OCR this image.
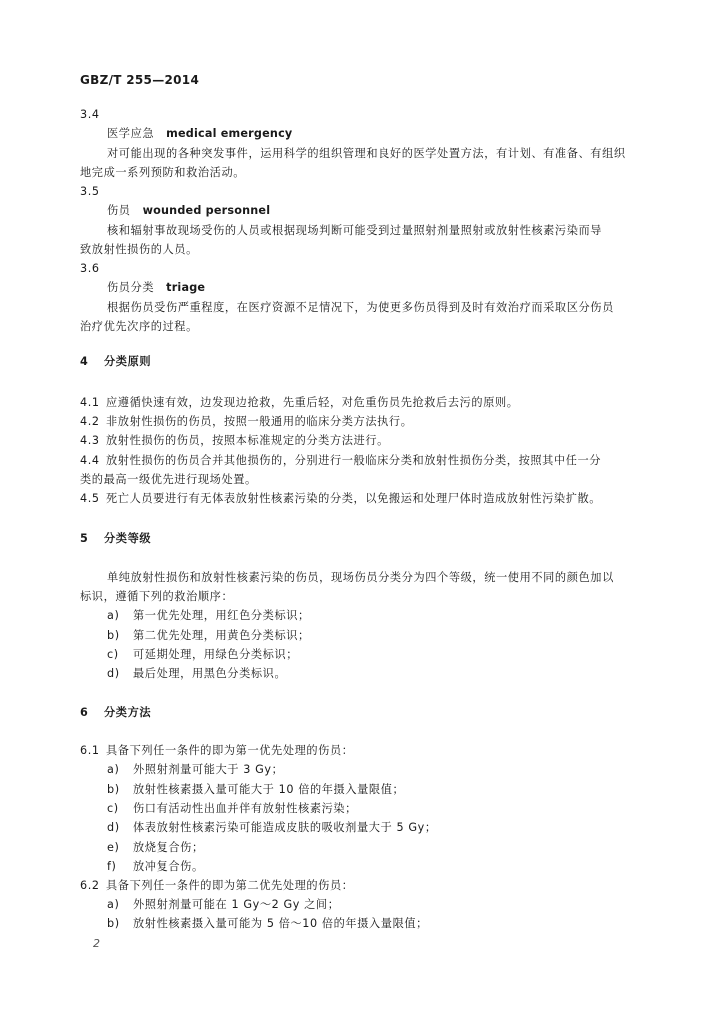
GBZ/T 255—2014
3.4
医学应急 medical emergency
对可能出现的各种突发事件，运用科学的组织管理和良好的医学处置方法，有计划、有准备、有组织
地完成一系列预防和救治活动。
3.5
伤员 wounded personnel
核和辐射事故现场受伤的人员或根据现场判断可能受到过量照射剂量照射或放射性核素污染而导
致放射性损伤的人员。
3.6
伤员分类 triage
根据伤员受伤严重程度，在医疗资源不足情况下，为使更多伤员得到及时有效治疗而采取区分伤员
治疗优先次序的过程。
4 分类原则
4.1 应遵循快速有效，边发现边抢救，先重后轻，对危重伤员先抢救后去污的原则。
4.2 非放射性损伤的伤员，按照一般通用的临床分类方法执行。
4.3 放射性损伤的伤员，按照本标准规定的分类方法进行。
4.4 放射性损伤的伤员合并其他损伤的，分别进行一般临床分类和放射性损伤分类，按照其中任一分
类的最高一级优先进行现场处置。
4.5 死亡人员要进行有无体表放射性核素污染的分类，以免搬运和处理尸体时造成放射性污染扩散。
5 分类等级
单纯放射性损伤和放射性核素污染的伤员，现场伤员分类分为四个等级，统一使用不同的颜色加以
标识，遵循下列的救治顺序：
a) 第一优先处理，用红色分类标识；
b) 第二优先处理，用黄色分类标识；
c) 可延期处理，用绿色分类标识；
d) 最后处理，用黑色分类标识。
6 分类方法
6.1 具备下列任一条件的即为第一优先处理的伤员：
a) 外照射剂量可能大于 3 Gy；
b) 放射性核素摄入量可能大于 10 倍的年摄入量限值；
c) 伤口有活动性出血并伴有放射性核素污染；
d) 体表放射性核素污染可能造成皮肤的吸收剂量大于 5 Gy；
e) 放烧复合伤；
f) 放冲复合伤。
6.2 具备下列任一条件的即为第二优先处理的伤员：
a) 外照射剂量可能在 1 Gy～2 Gy 之间；
b) 放射性核素摄入量可能为 5 倍～10 倍的年摄入量限值；
2
